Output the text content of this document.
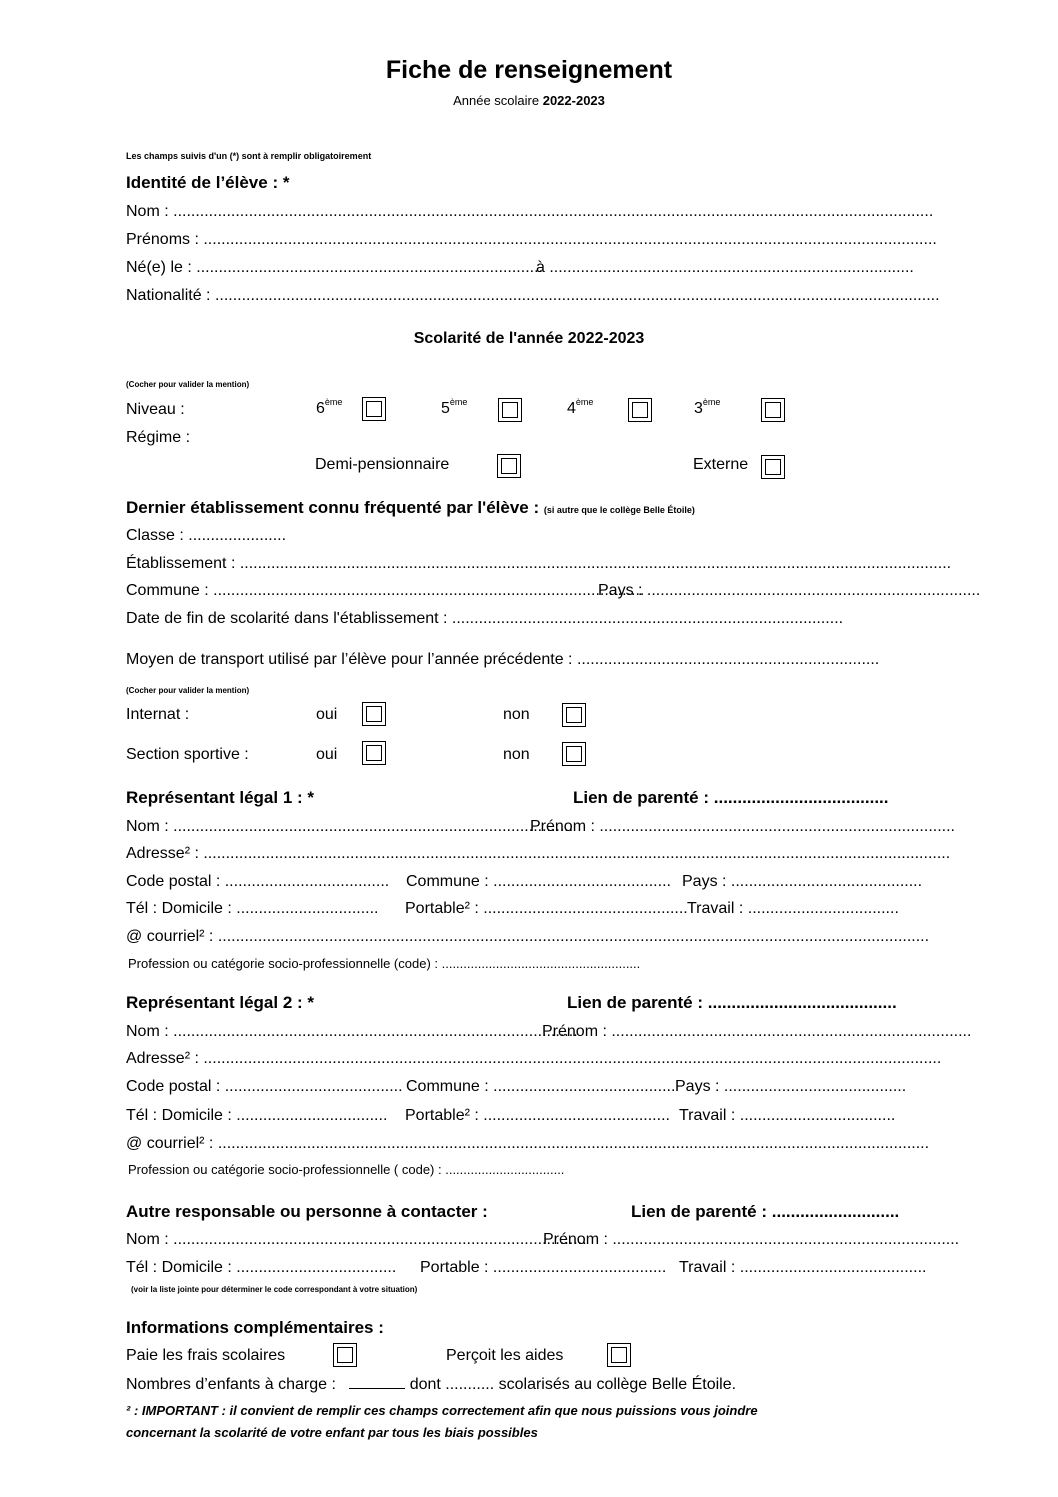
Fiche de renseignement
Année scolaire 2022-2023
Les champs suivis d'un (*) sont à remplir obligatoirement
Identité de l’élève : *
Nom : ...........................................................................................................................................................................
Prénoms : .....................................................................................................................................................................
Né(e) le : ..............................................................................
à ..................................................................................
Nationalité : ...................................................................................................................................................................
Scolarité de l'année 2022-2023
(Cocher pour valider la mention)
Niveau :	6ème	5ème	4ème	3ème
Régime :
Demi-pensionnaire	Externe
Dernier établissement connu fréquenté par l'élève : (si autre que le collège Belle Étoile)
Classe : ......................
Établissement : ................................................................................................................................................................
Commune : .................................................................................................
Pays : ...........................................................................
Date de fin de scolarité dans l'établissement : ........................................................................................
Moyen de transport utilisé par l’élève pour l’année précédente : ....................................................................
(Cocher pour valider la mention)
Internat :	oui	non
Section sportive :	oui	non
Représentant légal 1 : *	Lien de parenté : .....................................
Nom : ..........................................................................................
Prénom : ................................................................................
Adresse² : ........................................................................................................................................................................
Code postal : ..................................... Commune : ........................................ Pays : ...........................................
Tél : Domicile : ................................ Portable² : .............................................. Travail : ..................................
@ courriel² : ................................................................................................................................................................
Profession ou catégorie socio-professionnelle (code) : .......................................................
Représentant légal 2 : *	Lien de parenté : ........................................
Nom : ...........................................................................................
Prénom : .................................................................................
Adresse² : ......................................................................................................................................................................
Code postal : ........................................ Commune : ......................................... Pays : .........................................
Tél : Domicile : .................................. Portable² : .......................................... Travail : ...................................
@ courriel² : ................................................................................................................................................................
Profession ou catégorie socio-professionnelle ( code) : .................................
Autre responsable ou personne à contacter :	Lien de parenté : ...........................
Nom : .............................................................................................
Prénom : ..............................................................................
Tél : Domicile : .................................... Portable : ....................................... Travail : ..........................................
(voir la liste jointe pour déterminer le code correspondant à votre situation)
Informations complémentaires :
Paie les frais scolaires	Perçoit les aides
Nombres d’enfants à charge :	dont ........... scolarisés au collège Belle Étoile.
² : IMPORTANT : il convient de remplir ces champs correctement afin que nous puissions vous joindre
concernant la scolarité de votre enfant par tous les biais possibles
